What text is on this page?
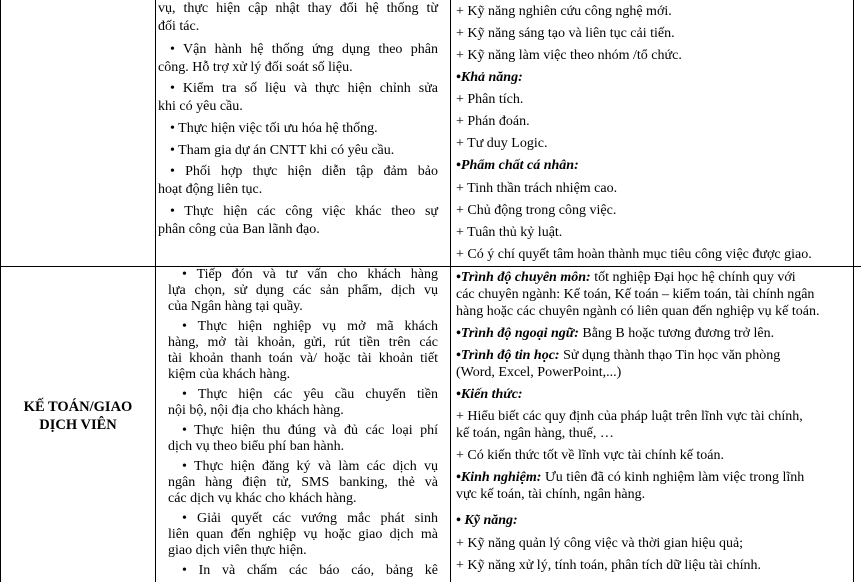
vụ, thực hiện cập nhật thay đổi hệ thống từ
đối tác.
• Vận hành hệ thống ứng dụng theo phân
công. Hỗ trợ xử lý đối soát số liệu.
• Kiểm tra số liệu và thực hiện chỉnh sửa
khi có yêu cầu.
• Thực hiện việc tối ưu hóa hệ thống.
• Tham gia dự án CNTT khi có yêu cầu.
• Phối hợp thực hiện diễn tập đảm bảo
hoạt động liên tục.
• Thực hiện các công việc khác theo sự
phân công của Ban lãnh đạo.
+ Kỹ năng nghiên cứu công nghệ mới.
+ Kỹ năng sáng tạo và liên tục cải tiến.
+ Kỹ năng làm việc theo nhóm /tổ chức.
•Khả năng:
+ Phân tích.
+ Phán đoán.
+ Tư duy Logic.
•Phẩm chất cá nhân:
+ Tinh thần trách nhiệm cao.
+ Chủ động trong công việc.
+ Tuân thủ kỷ luật.
+ Có ý chí quyết tâm hoàn thành mục tiêu công việc được giao.
KẾ TOÁN/GIAO
DỊCH VIÊN
• Tiếp đón và tư vấn cho khách hàng
lựa chọn, sử dụng các sản phẩm, dịch vụ
của Ngân hàng tại quầy.
• Thực hiện nghiệp vụ mở mã khách
hàng, mở tài khoản, gửi, rút tiền trên các
tài khoản thanh toán và/ hoặc tài khoản tiết
kiệm của khách hàng.
• Thực hiện các yêu cầu chuyển tiền
nội bộ, nội địa cho khách hàng.
• Thực hiện thu đúng và đủ các loại phí
dịch vụ theo biểu phí ban hành.
• Thực hiện đăng ký và làm các dịch vụ
ngân hàng điện tử, SMS banking, thẻ và
các dịch vụ khác cho khách hàng.
• Giải quyết các vướng mắc phát sinh
liên quan đến nghiệp vụ hoặc giao dịch mà
giao dịch viên thực hiện.
• In và chấm các báo cáo, bảng kê
•Trình độ chuyên môn: tốt nghiệp Đại học hệ chính quy với
các chuyên ngành: Kế toán, Kế toán – kiểm toán, tài chính ngân
hàng hoặc các chuyên ngành có liên quan đến nghiệp vụ kế toán.
•Trình độ ngoại ngữ: Bằng B hoặc tương đương trở lên.
•Trình độ tin học: Sử dụng thành thạo Tin học văn phòng
(Word, Excel, PowerPoint,...)
•Kiến thức:
+ Hiểu biết các quy định của pháp luật trên lĩnh vực tài chính,
kế toán, ngân hàng, thuế, …
+ Có kiến thức tốt về lĩnh vực tài chính kế toán.
•Kinh nghiệm: Ưu tiên đã có kinh nghiệm làm việc trong lĩnh
vực kế toán, tài chính, ngân hàng.
• Kỹ năng:
+ Kỹ năng quản lý công việc và thời gian hiệu quả;
+ Kỹ năng xử lý, tính toán, phân tích dữ liệu tài chính.
